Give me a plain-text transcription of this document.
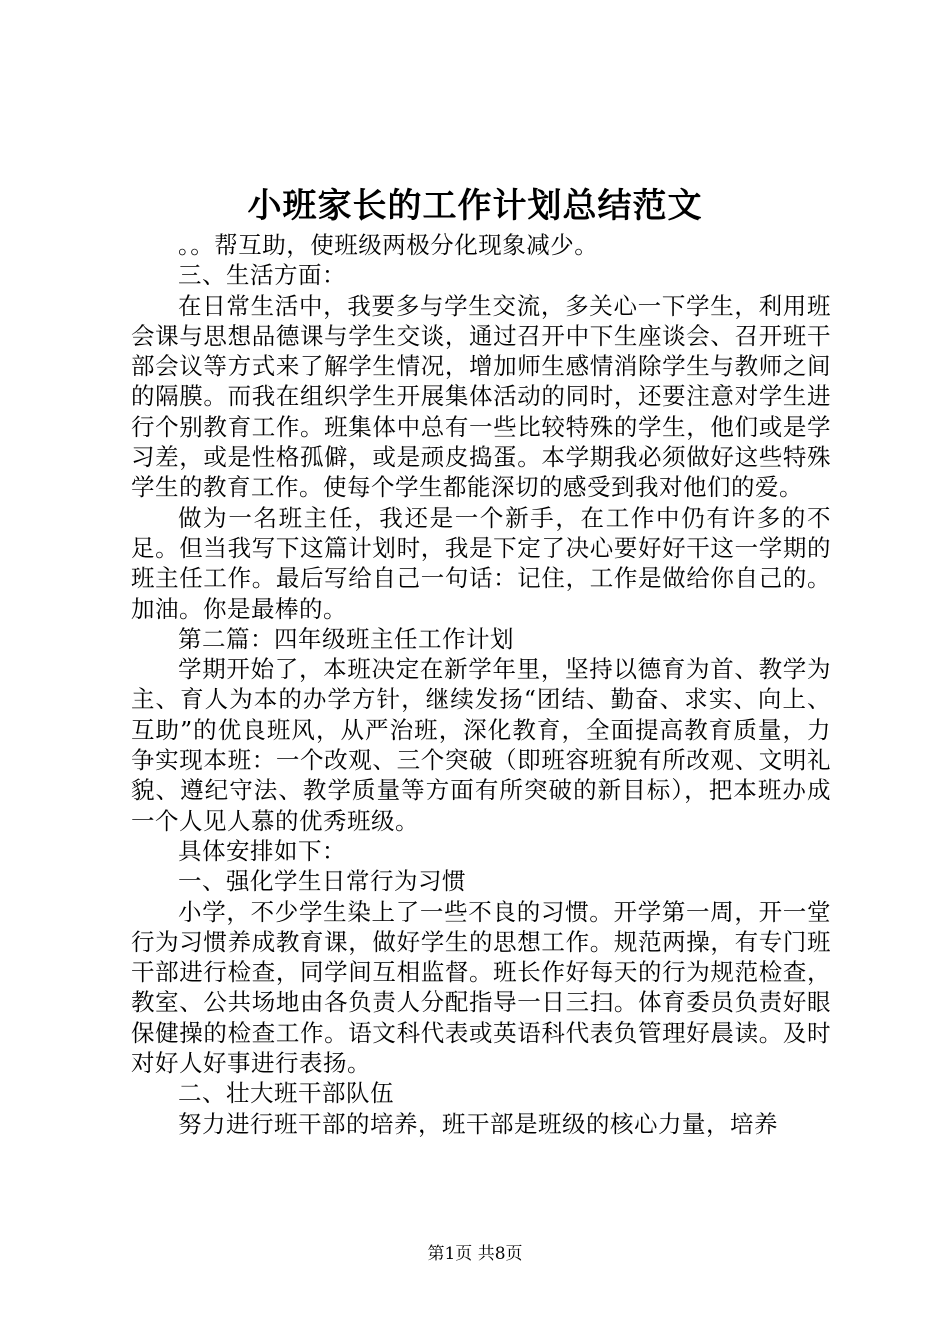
小班家长的工作计划总结范文

。。帮互助，使班级两极分化现象减少。

三、生活方面：

在日常生活中，我要多与学生交流，多关心一下学生，利用班会课与思想品德课与学生交谈，通过召开中下生座谈会、召开班干部会议等方式来了解学生情况，增加师生感情消除学生与教师之间的隔膜。而我在组织学生开展集体活动的同时，还要注意对学生进行个别教育工作。班集体中总有一些比较特殊的学生，他们或是学习差，或是性格孤僻，或是顽皮捣蛋。本学期我必须做好这些特殊学生的教育工作。使每个学生都能深切的感受到我对他们的爱。

做为一名班主任，我还是一个新手，在工作中仍有许多的不足。但当我写下这篇计划时，我是下定了决心要好好干这一学期的班主任工作。最后写给自己一句话：记住，工作是做给你自己的。加油。你是最棒的。

第二篇：四年级班主任工作计划

学期开始了，本班决定在新学年里，坚持以德育为首、教学为主、育人为本的办学方针，继续发扬“团结、勤奋、求实、向上、互助”的优良班风，从严治班，深化教育，全面提高教育质量，力争实现本班：一个改观、三个突破（即班容班貌有所改观、文明礼貌、遵纪守法、教学质量等方面有所突破的新目标），把本班办成一个人见人慕的优秀班级。

具体安排如下：

一、强化学生日常行为习惯

小学，不少学生染上了一些不良的习惯。开学第一周，开一堂行为习惯养成教育课，做好学生的思想工作。规范两操，有专门班干部进行检查，同学间互相监督。班长作好每天的行为规范检查，教室、公共场地由各负责人分配指导一日三扫。体育委员负责好眼保健操的检查工作。语文科代表或英语科代表负管理好晨读。及时对好人好事进行表扬。

二、壮大班干部队伍

努力进行班干部的培养，班干部是班级的核心力量，培养

第1页 共8页
